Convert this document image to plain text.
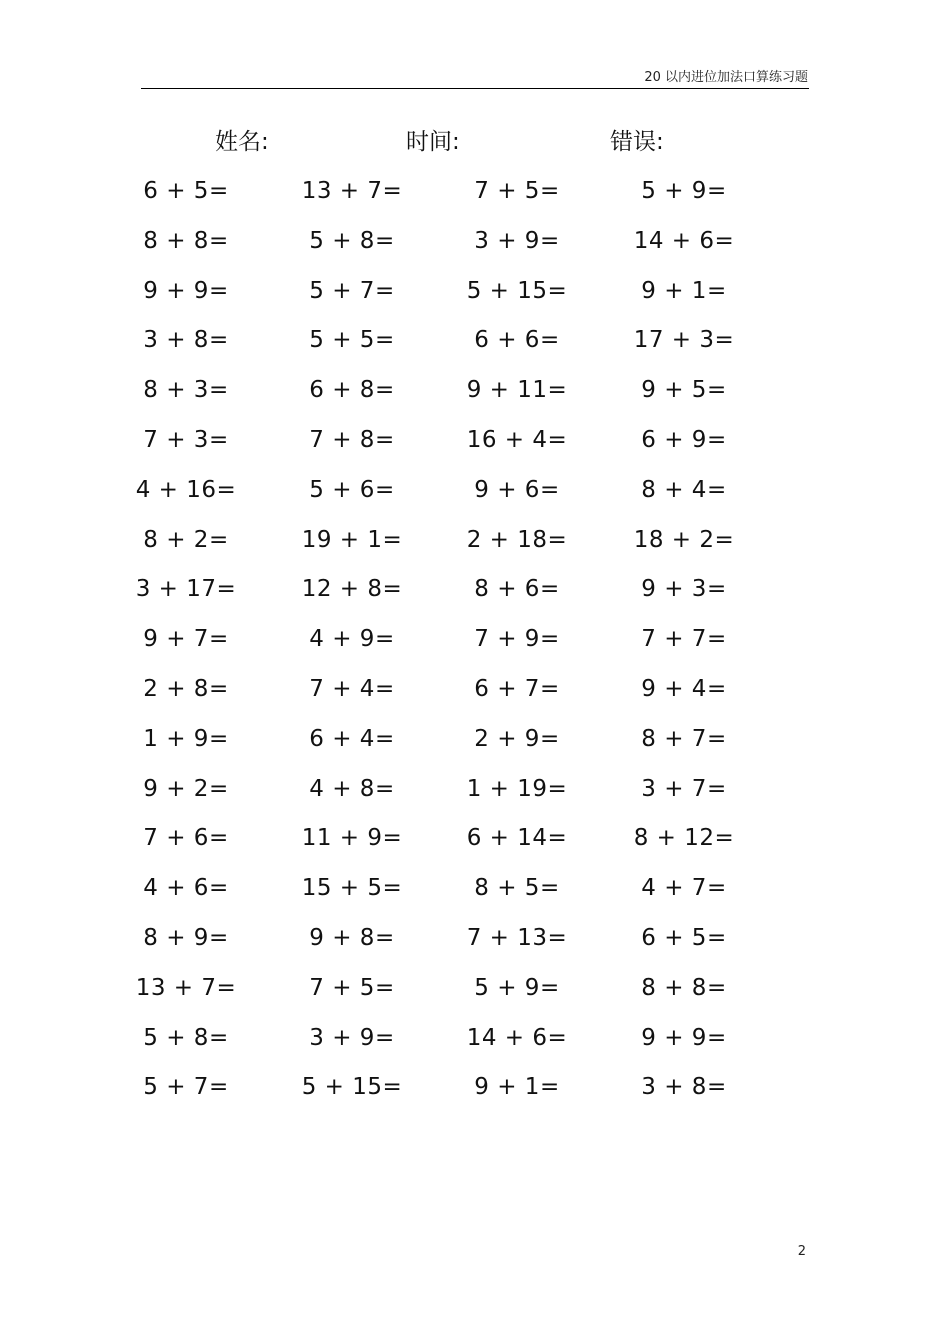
20 以内进位加法口算练习题
姓名:	时间:	错误:
6 + 5=	13 + 7=	7 + 5=	5 + 9=
8 + 8=	5 + 8=	3 + 9=	14 + 6=
9 + 9=	5 + 7=	5 + 15=	9 + 1=
3 + 8=	5 + 5=	6 + 6=	17 + 3=
8 + 3=	6 + 8=	9 + 11=	9 + 5=
7 + 3=	7 + 8=	16 + 4=	6 + 9=
4 + 16=	5 + 6=	9 + 6=	8 + 4=
8 + 2=	19 + 1=	2 + 18=	18 + 2=
3 + 17=	12 + 8=	8 + 6=	9 + 3=
9 + 7=	4 + 9=	7 + 9=	7 + 7=
2 + 8=	7 + 4=	6 + 7=	9 + 4=
1 + 9=	6 + 4=	2 + 9=	8 + 7=
9 + 2=	4 + 8=	1 + 19=	3 + 7=
7 + 6=	11 + 9=	6 + 14=	8 + 12=
4 + 6=	15 + 5=	8 + 5=	4 + 7=
8 + 9=	9 + 8=	7 + 13=	6 + 5=
13 + 7=	7 + 5=	5 + 9=	8 + 8=
5 + 8=	3 + 9=	14 + 6=	9 + 9=
5 + 7=	5 + 15=	9 + 1=	3 + 8=
2
